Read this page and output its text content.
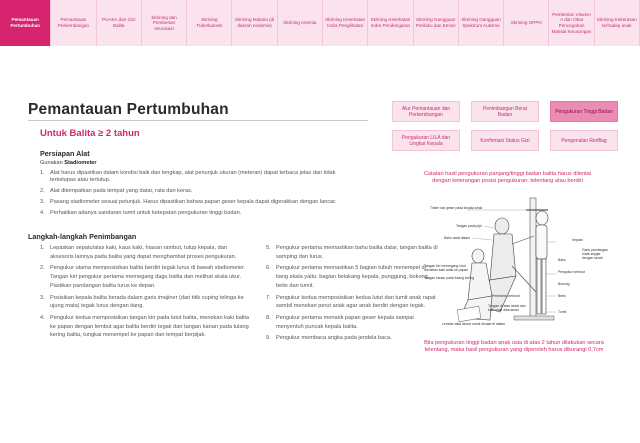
Pemantauan Pertumbuhan
Pemantauan Perkembangan
PUAKA dan Gizi Balita
Skrining dan Pemberian Imunisasi
Skrining Tuberkulosis
Skrining Malaria (di daerah endemis)
Skrining Anemia
Skrining Kesehatan Indra Penglihatan
Skrining Kesehatan Indra Pendengaran
Skrining Gangguan Perilaku dan Emosi
Skrining Gangguan Spektrum Autisme
Skrining GPPH
Pemberian Vitamin A dan Obat Pencegahan Massal Kecacingan
Skrining Kekerasan terhadap anak
Pemantauan Pertumbuhan
Untuk Balita ≥ 2 tahun
Persiapan Alat
Gunakan Stadiometer
1. Alat harus dipastikan dalam kondisi baik dan lengkap, alat penunjuk ukuran (meteran) dapat terbaca jelas dan tidak terkelupas atau tertutup.
2. Alat ditempatkan pada tempat yang datar, rata dan keras.
3. Pasang stadiometer sesuai petunjuk. Harus dipastikan bahwa papan geser kepala dapat digerakkan dengan lancar.
4. Perhatikan adanya sandaran tumit untuk ketepatan pengukuran tinggi badan.
Langkah-langkah Penimbangan
1. Lepaskan sepatu/alas kaki, kaus kaki, hiasan rambut, tutup kepala, dan aksesoris lainnya pada balita yang dapat menghambat proses pengukuran.
2. Pengukur utama memposisikan balita berdiri tegak lurus di bawah stadiometer. Tangan kiri pengukur pertama memegang dagu balita dan melihat skala ukur. Pastikan pandangan balita lurus ke depan.
3. Posisikan kepala balita berada dalam garis imajiner (dari titik cuping telinga ke ujung mata) tegak lurus dengan tiang.
4. Pengukur kedua memposisikan tangan kiri pada lutut balita, menekan kaki balita ke papan dengan lembut agar balita berdiri tegak dan tangan kanan pada tulang kering balita, tungkai menempel ke papan dan tempat berpijak.
5. Pengukur pertama memastikan bahu balita datar, tangan balita di samping dan lurus.
6. Pengukur pertama memastikan 5 bagian tubuh menempel di tiang skala yaitu: bagian belakang kepala, punggung, bokong, betis dan tumit.
7. Pengukur kedua memposisikan kedua lutut dan tumit anak rapat sambil menekan perut anak agar anak berdiri dengan tegak.
8. Pengukur pertama menarik papan geser kepala sampai menyentuh puncak kepala balita.
9. Pengukur membaca angka pada jendela baca.
Alur Pemantauan dan Perkembangan
Penimbangan Berat Badan	Pengukuran Tinggi Badan
Pengukuran LILA dan Lingkar Kepala	Konfirmasi Status Gizi	Pengenalan Redflag
Catatan hasil pengukuran panjang/tinggi badan balita harus dilentai dengan keterangan posisi pengukuran: telentang atau berdiri
Tinker sisi geser pada kepala anak
Tangan pada pipi
Bahu awal dalam
Tangan kiri memegang lutut menekan kaki anak ke papan
Tangan kanan pada tulang kering
Lembar data lamun untuk dicatat di dalam
Kepala
Garis pandangan mata sejajar dengan tanah
Bahu
Pengukur berlutut
Bokong
Betis
Tumit
Tangan di atas lantai dan kaki anak diluruskan
Pembantu berlutut
Bila pengukuran tinggi badan anak usia di atas 2 tahun dilakukan secara telentang, maka hasil pengukuran yang diperoleh harus dikurangi 0,7cm
